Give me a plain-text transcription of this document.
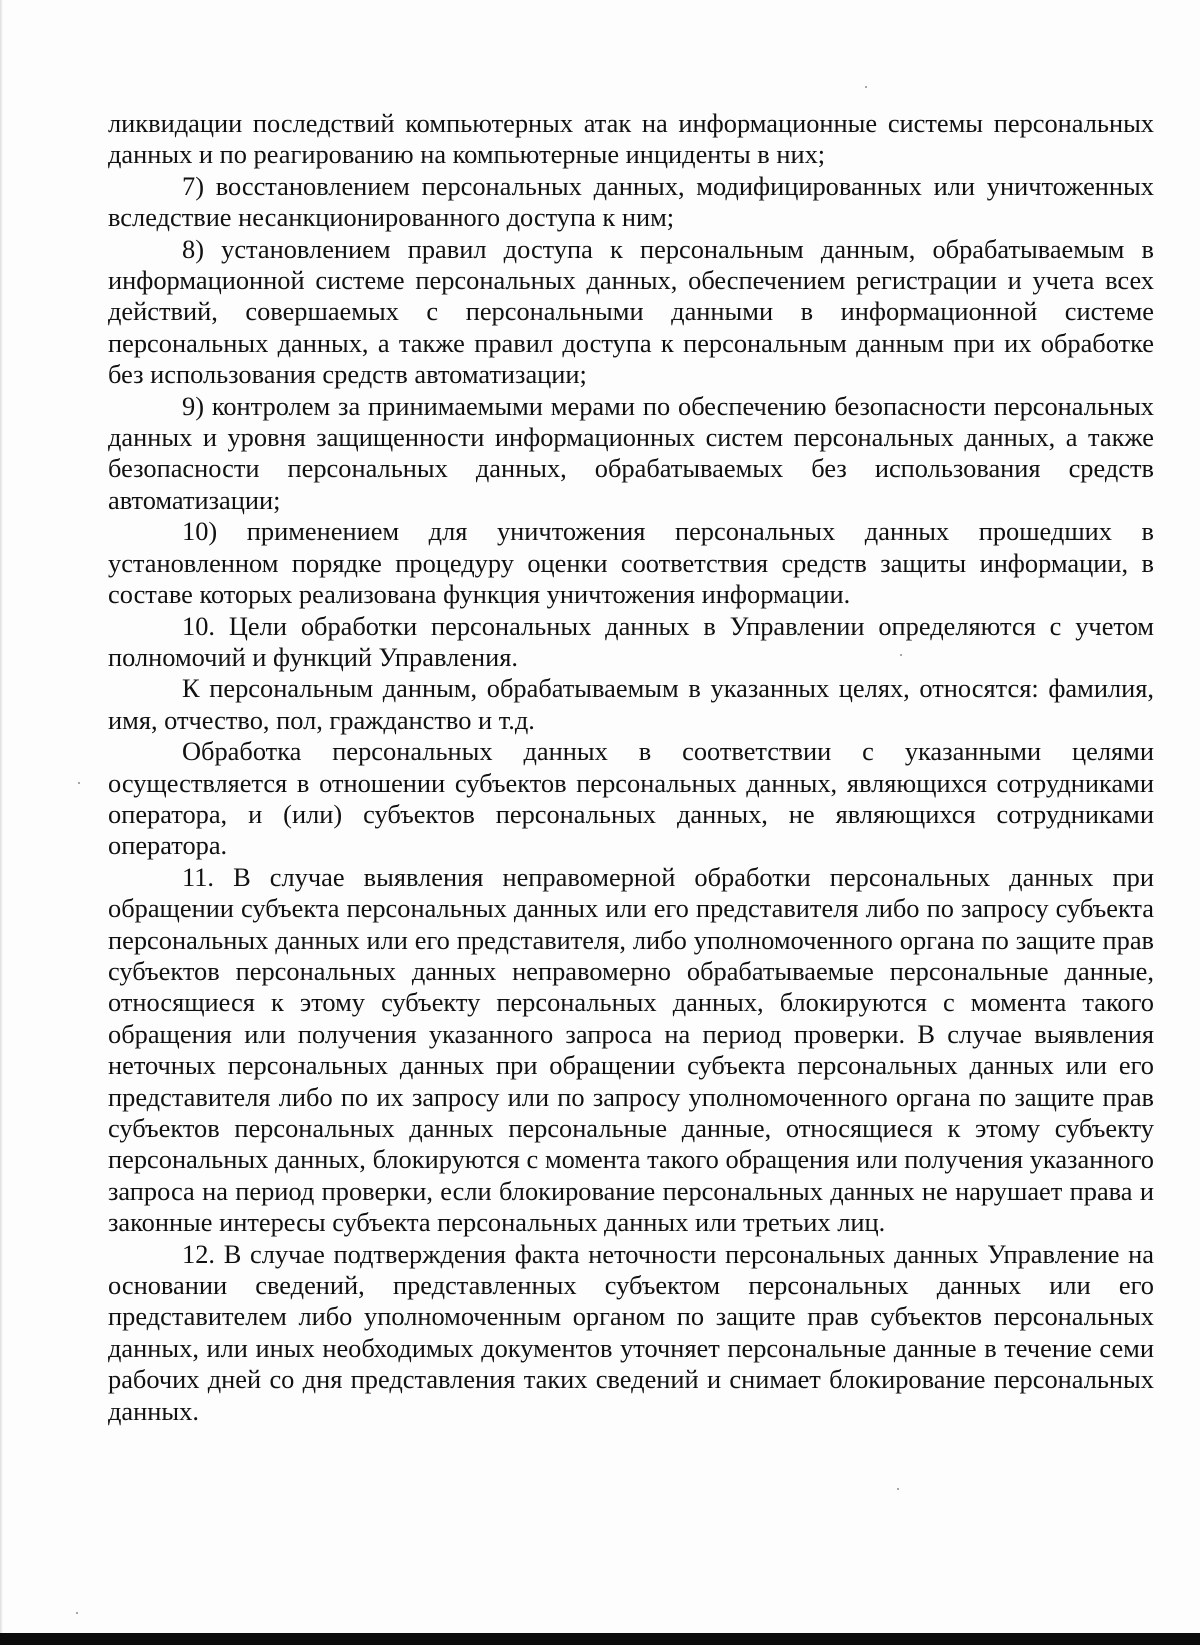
ликвидации последствий компьютерных атак на информационные системы персональных данных и по реагированию на компьютерные инциденты в них;

7) восстановлением персональных данных, модифицированных или уничтоженных вследствие несанкционированного доступа к ним;

8) установлением правил доступа к персональным данным, обрабатываемым в информационной системе персональных данных, обеспечением регистрации и учета всех действий, совершаемых с персональными данными в информационной системе персональных данных, а также правил доступа к персональным данным при их обработке без использования средств автоматизации;

9) контролем за принимаемыми мерами по обеспечению безопасности персональных данных и уровня защищенности информационных систем персональных данных, а также безопасности персональных данных, обрабатываемых без использования средств автоматизации;

10) применением для уничтожения персональных данных прошедших в установленном порядке процедуру оценки соответствия средств защиты информации, в составе которых реализована функция уничтожения информации.

10. Цели обработки персональных данных в Управлении определяются с учетом полномочий и функций Управления.

К персональным данным, обрабатываемым в указанных целях, относятся: фамилия, имя, отчество, пол, гражданство и т.д.

Обработка персональных данных в соответствии с указанными целями осуществляется в отношении субъектов персональных данных, являющихся сотрудниками оператора, и (или) субъектов персональных данных, не являющихся сотрудниками оператора.

11. В случае выявления неправомерной обработки персональных данных при обращении субъекта персональных данных или его представителя либо по запросу субъекта персональных данных или его представителя, либо уполномоченного органа по защите прав субъектов персональных данных неправомерно обрабатываемые персональные данные, относящиеся к этому субъекту персональных данных, блокируются с момента такого обращения или получения указанного запроса на период проверки. В случае выявления неточных персональных данных при обращении субъекта персональных данных или его представителя либо по их запросу или по запросу уполномоченного органа по защите прав субъектов персональных данных персональные данные, относящиеся к этому субъекту персональных данных, блокируются с момента такого обращения или получения указанного запроса на период проверки, если блокирование персональных данных не нарушает права и законные интересы субъекта персональных данных или третьих лиц.

12. В случае подтверждения факта неточности персональных данных Управление на основании сведений, представленных субъектом персональных данных или его представителем либо уполномоченным органом по защите прав субъектов персональных данных, или иных необходимых документов уточняет персональные данные в течение семи рабочих дней со дня представления таких сведений и снимает блокирование персональных данных.
